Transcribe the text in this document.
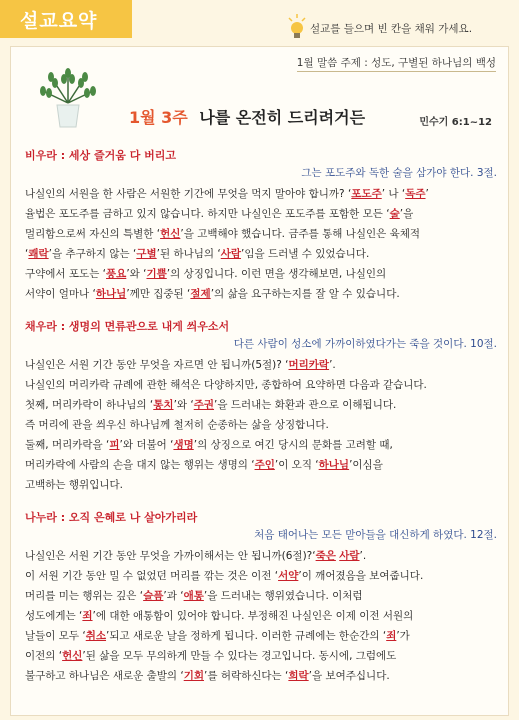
설교요약	설교를 들으며 빈 칸을 채워 가세요.
1월 말씀 주제 : 성도, 구별된 하나님의 백성
1월 3주 나를 온전히 드리려거든	민수기 6:1~12
비우라 : 세상 즐거움 다 버리고
그는 포도주와 독한 술을 삼가야 한다. 3절.
나실인의 서원을 한 사람은 서원한 기간에 무엇을 먹지 말아야 합니까? ‘포도주’ 나 ‘독주’
율법은 포도주를 금하고 있지 않습니다. 하지만 나실인은 포도주를 포함한 모든 ‘술’을
멀리함으로써 자신의 특별한 ‘헌신’을 고백해야 했습니다. 금주를 통해 나실인은 육체적
‘쾌락’을 추구하지 않는 ‘구별’된 하나님의 ‘사람’임을 드러낼 수 있었습니다.
구약에서 포도는 ‘풍요’와 ‘기쁨’의 상징입니다. 이런 면을 생각해보면, 나실인의
서약이 얼마나 ‘하나님’께만 집중된 ‘절제’의 삶을 요구하는지를 잘 알 수 있습니다.
채우라 : 생명의 면류관으로 내게 씌우소서
다른 사람이 성소에 가까이하였다가는 죽을 것이다. 10절.
나실인은 서원 기간 동안 무엇을 자르면 안 됩니까(5절)? ‘머리카락’.
나실인의 머리카락 규례에 관한 해석은 다양하지만, 종합하여 요약하면 다음과 같습니다.
첫째, 머리카락이 하나님의 ‘통치’와 ‘주권’을 드러내는 화환과 관으로 이해됩니다.
즉 머리에 관을 씌우신 하나님께 철저히 순종하는 삶을 상징합니다.
둘째, 머리카락을 ‘피’와 더불어 ‘생명’의 상징으로 여긴 당시의 문화를 고려할 때,
머리카락에 사람의 손을 대지 않는 행위는 생명의 ‘주인’이 오직 ‘하나님’이심을
고백하는 행위입니다.
나누라 : 오직 은혜로 나 살아가리라
처음 태어나는 모든 맏아들을 대신하게 하였다. 12절.
나실인은 서원 기간 동안 무엇을 가까이해서는 안 됩니까(6절)?‘죽은 사람’.
이 서원 기간 동안 밀 수 없었던 머리를 깎는 것은 이전 ‘서약’이 깨어졌음을 보여줍니다.
머리를 미는 행위는 깊은 ‘슬픔’과 ‘애통’을 드러내는 행위였습니다. 이처럼
성도에게는 ‘죄’에 대한 애통함이 있어야 합니다. 부정해진 나실인은 이제 이전 서원의
날들이 모두 ‘취소’되고 새로운 날을 정하게 됩니다. 이러한 규례에는 한순간의 ‘죄’가
이전의 ‘헌신’된 삶을 모두 무의하게 만들 수 있다는 경고입니다. 동시에, 그럼에도
불구하고 하나님은 새로운 출발의 ‘기회’를 허락하신다는 ‘희락’을 보여주십니다.
